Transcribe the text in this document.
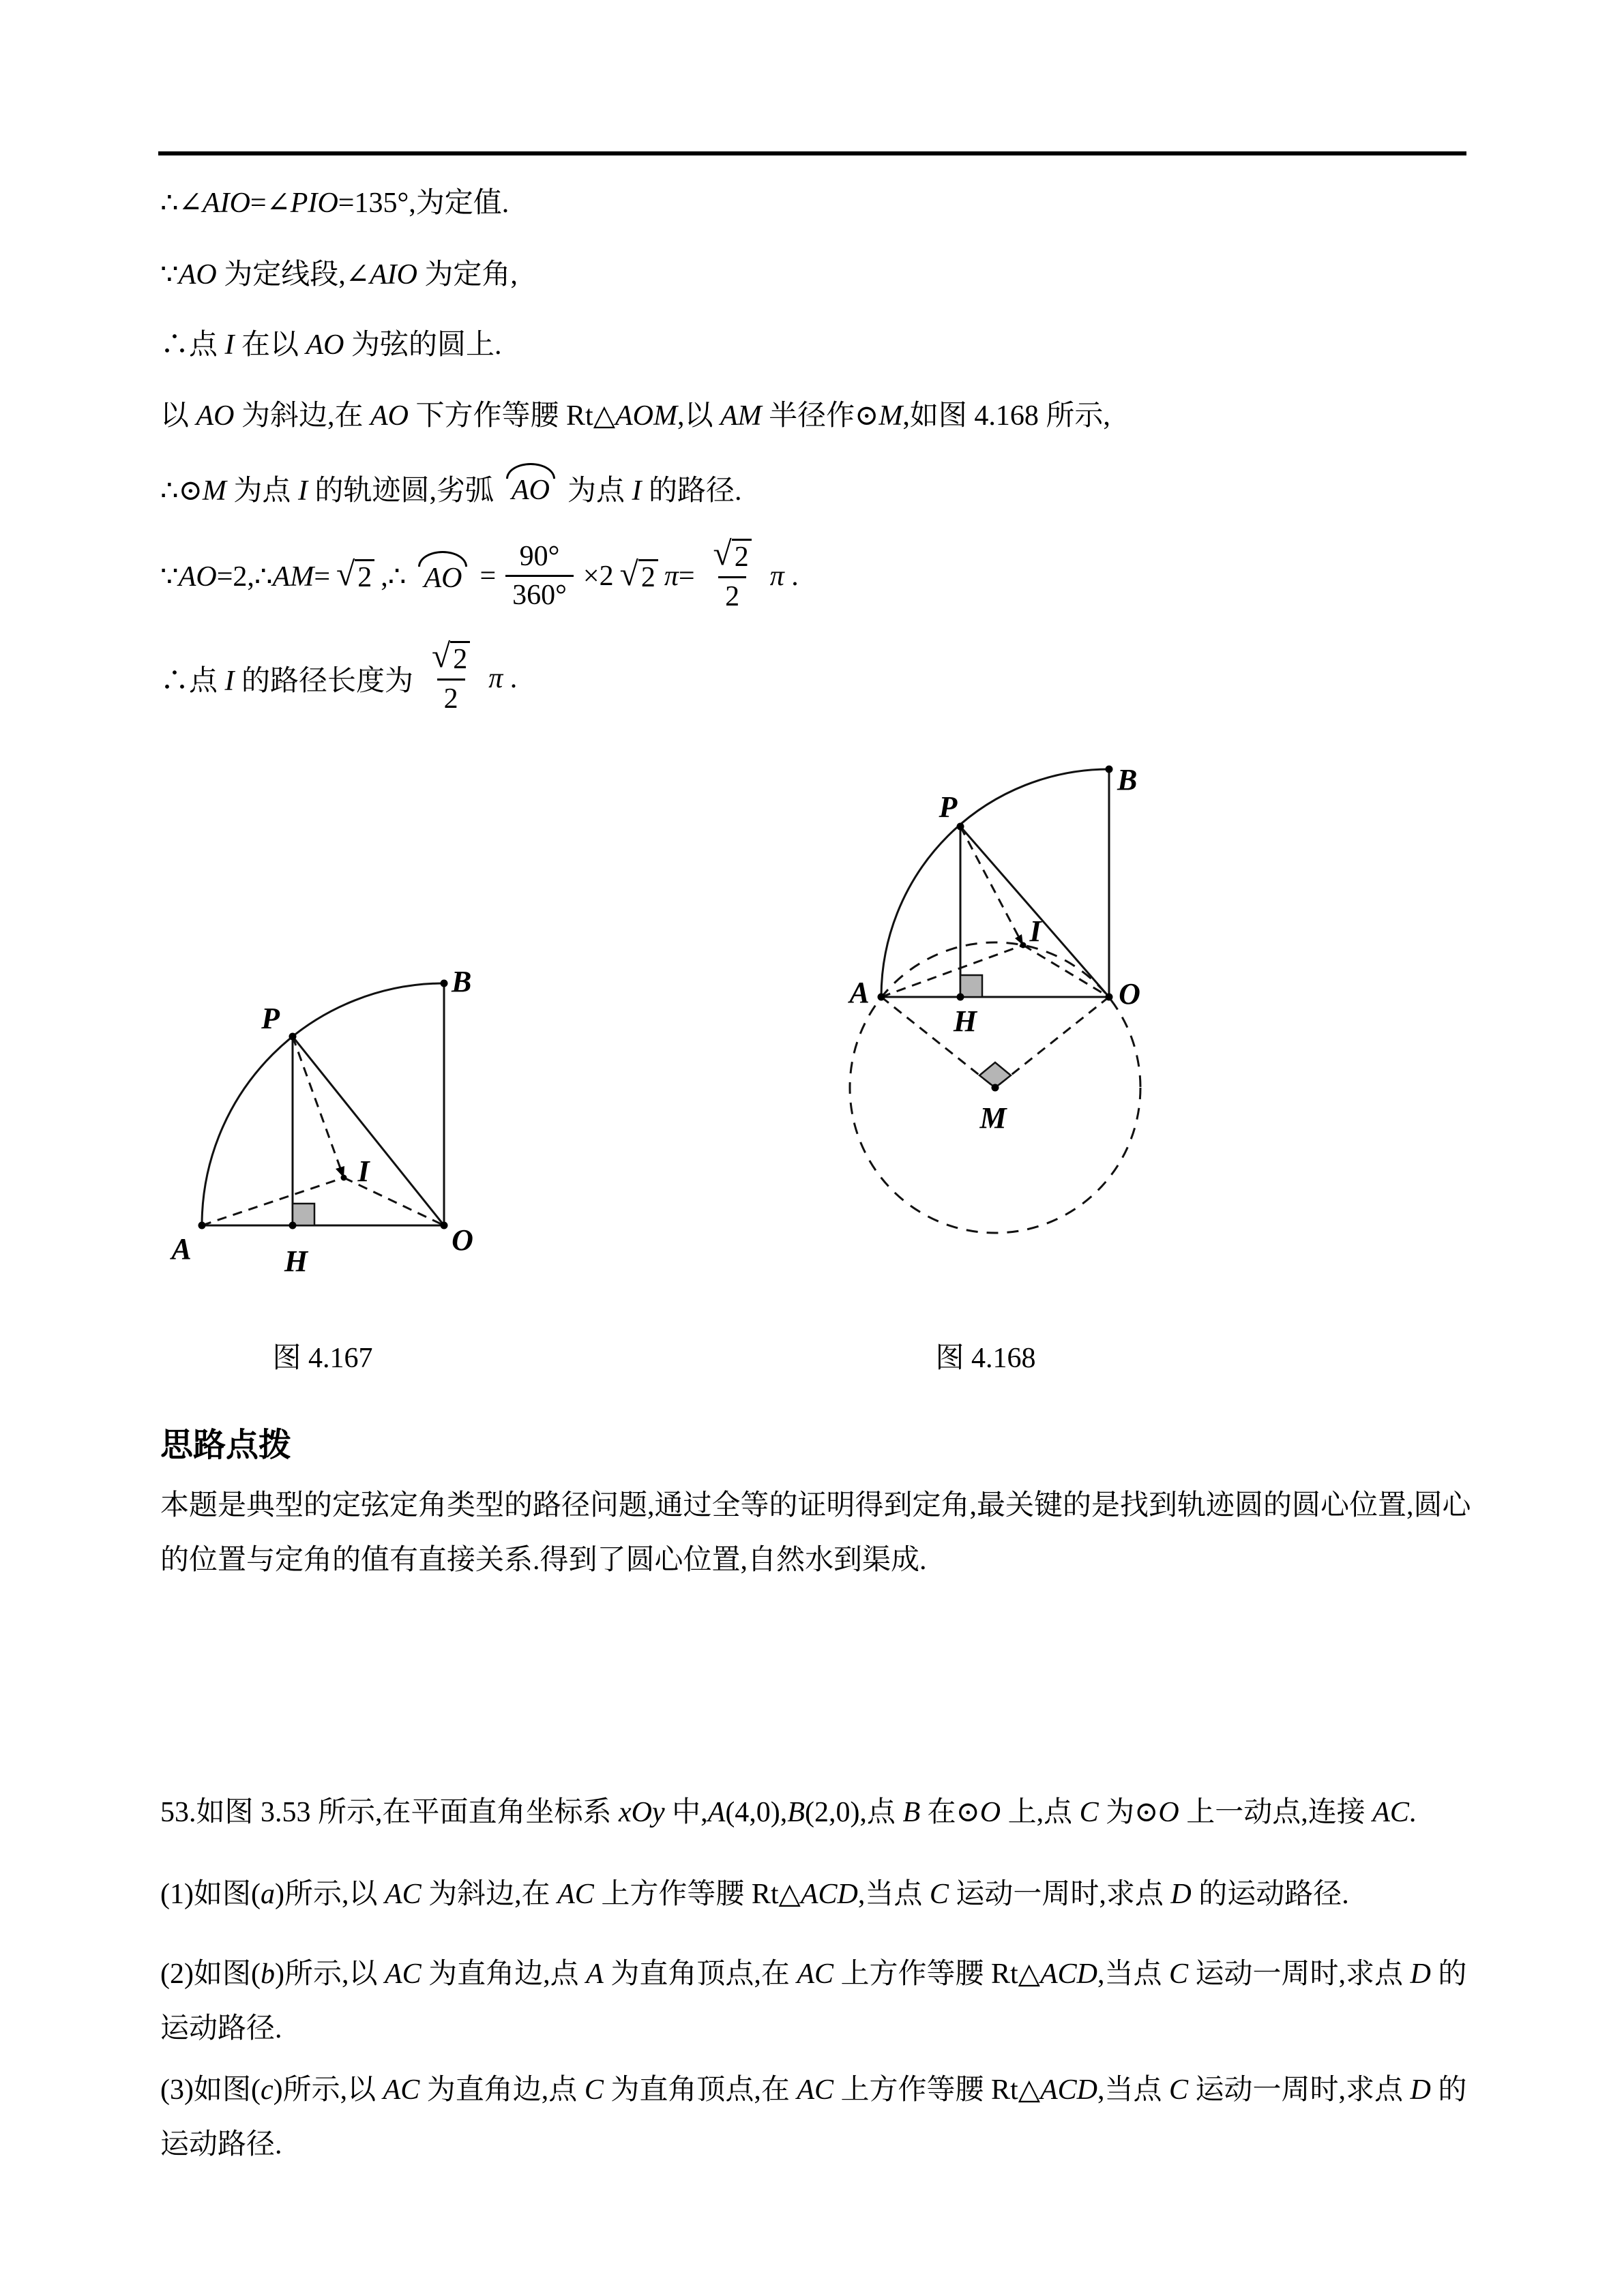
∴∠AIO=∠PIO=135°,为定值.
∵AO 为定线段,∠AIO 为定角,
∴点 I 在以 AO 为弦的圆上.
以 AO 为斜边,在 AO 下方作等腰 Rt△AOM,以 AM 半径作⊙M,如图 4.168 所示,
∴⊙M 为点 I 的轨迹圆,劣弧 AO 为点 I 的路径.
∵AO=2,∴AM= √ 2 ,∴ AO = $\frac{90^\circ}{360^\circ} \times 2$ √ 2 $\pi= \frac{√ 2}{2}$ π .
∴点 I 的路径长度为 $\frac{√ 2}{2}$ π .
A	H
O
B
P
I
图 4.167
A	O
B
P
H
I
M
图 4.168
思路点拨
本题是典型的定弦定角类型的路径问题,通过全等的证明得到定角,最关键的是找到轨迹圆的圆心位置,圆心的位置与定角的值有直接关系.得到了圆心位置,自然水到渠成.
53.如图 3.53 所示,在平面直角坐标系 xOy 中,A(4,0),B(2,0),点 B 在⊙O 上,点 C 为⊙O 上一动点,连接 AC.
(1)如图(a)所示,以 AC 为斜边,在 AC 上方作等腰 Rt△ACD,当点 C 运动一周时,求点 D 的运动路径.
(2)如图(b)所示,以 AC 为直角边,点 A 为直角顶点,在 AC 上方作等腰 Rt△ACD,当点 C 运动一周时,求点 D 的运动路径.
(3)如图(c)所示,以 AC 为直角边,点 C 为直角顶点,在 AC 上方作等腰 Rt△ACD,当点 C 运动一周时,求点 D 的运动路径.
